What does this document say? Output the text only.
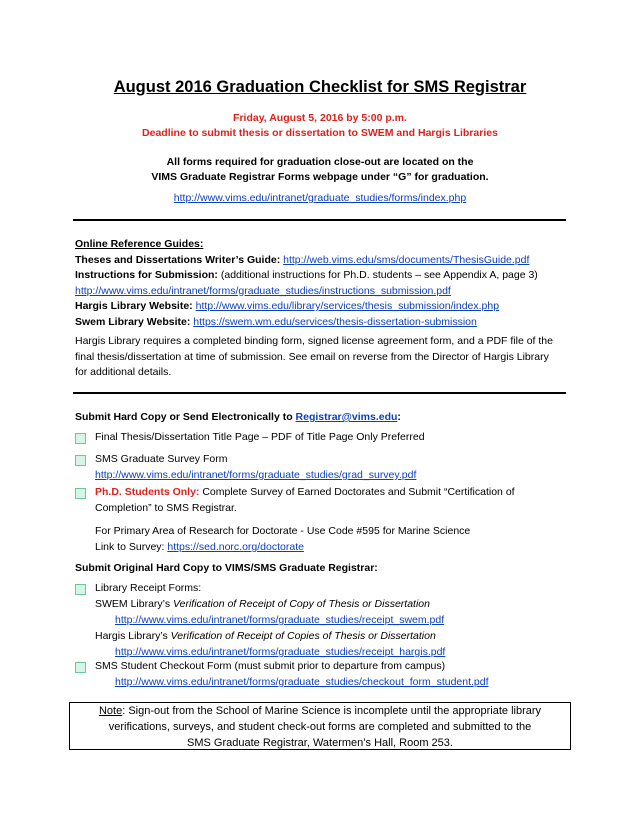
August 2016 Graduation Checklist for SMS Registrar
Friday, August 5, 2016 by 5:00 p.m.
Deadline to submit thesis or dissertation to SWEM and Hargis Libraries
All forms required for graduation close-out are located on the
VIMS Graduate Registrar Forms webpage under “G” for graduation.
http://www.vims.edu/intranet/graduate_studies/forms/index.php
Online Reference Guides:
Theses and Dissertations Writer’s Guide: http://web.vims.edu/sms/documents/ThesisGuide.pdf
Instructions for Submission: (additional instructions for Ph.D. students – see Appendix A, page 3)
http://www.vims.edu/intranet/forms/graduate_studies/instructions_submission.pdf
Hargis Library Website: http://www.vims.edu/library/services/thesis_submission/index.php
Swem Library Website: https://swem.wm.edu/services/thesis-dissertation-submission
Hargis Library requires a completed binding form, signed license agreement form, and a PDF file of the
final thesis/dissertation at time of submission. See email on reverse from the Director of Hargis Library
for additional details.
Submit Hard Copy or Send Electronically to Registrar@vims.edu:
Final Thesis/Dissertation Title Page – PDF of Title Page Only Preferred
SMS Graduate Survey Form
http://www.vims.edu/intranet/forms/graduate_studies/grad_survey.pdf
Ph.D. Students Only: Complete Survey of Earned Doctorates and Submit “Certification of
Completion” to SMS Registrar.
For Primary Area of Research for Doctorate - Use Code #595 for Marine Science
Link to Survey: https://sed.norc.org/doctorate
Submit Original Hard Copy to VIMS/SMS Graduate Registrar:
Library Receipt Forms:
SWEM Library’s Verification of Receipt of Copy of Thesis or Dissertation
http://www.vims.edu/intranet/forms/graduate_studies/receipt_swem.pdf
Hargis Library’s Verification of Receipt of Copies of Thesis or Dissertation
http://www.vims.edu/intranet/forms/graduate_studies/receipt_hargis.pdf
SMS Student Checkout Form (must submit prior to departure from campus)
http://www.vims.edu/intranet/forms/graduate_studies/checkout_form_student.pdf
Note: Sign-out from the School of Marine Science is incomplete until the appropriate library
verifications, surveys, and student check-out forms are completed and submitted to the
SMS Graduate Registrar, Watermen’s Hall, Room 253.
